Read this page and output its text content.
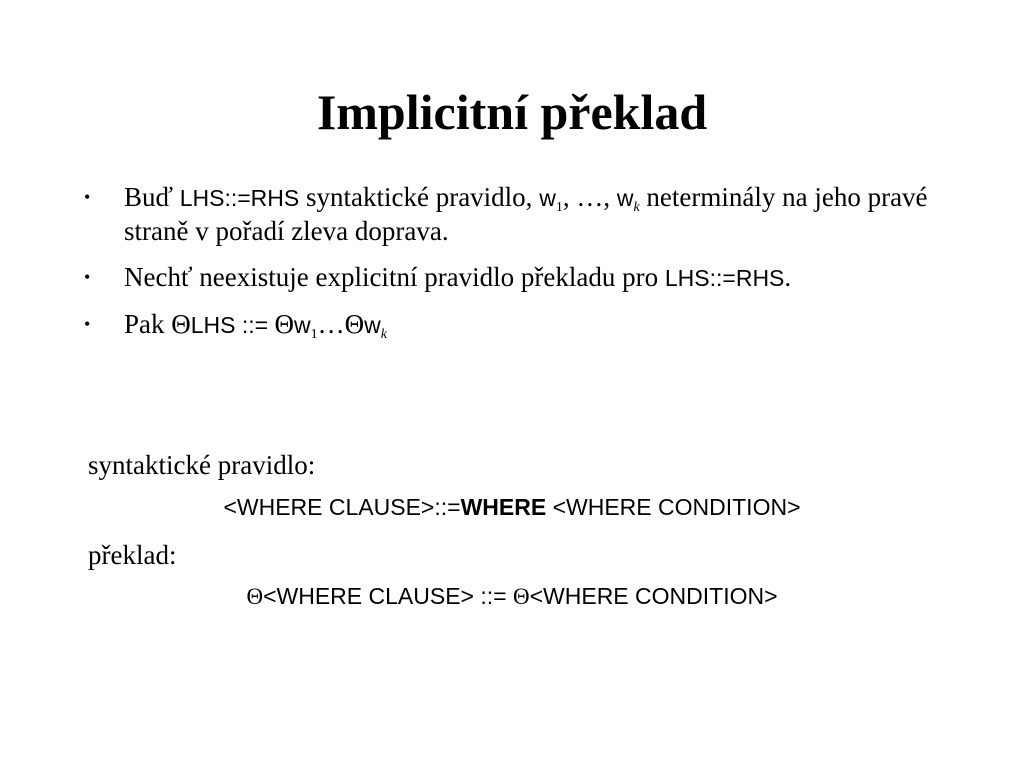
Implicitní překlad
• Buď LHS::=RHS syntaktické pravidlo, $w_1$, …, $w_k$ neterminály na jeho pravé straně v pořadí zleva doprava.
• Nechť neexistuje explicitní pravidlo překladu pro LHS::=RHS.
• Pak ΘLHS ::= $\Theta w_1\dots\Theta w_k$
syntaktické pravidlo:
<WHERE CLAUSE>::=WHERE <WHERE CONDITION>
překlad:
Θ<WHERE CLAUSE> ::= Θ<WHERE CONDITION>
